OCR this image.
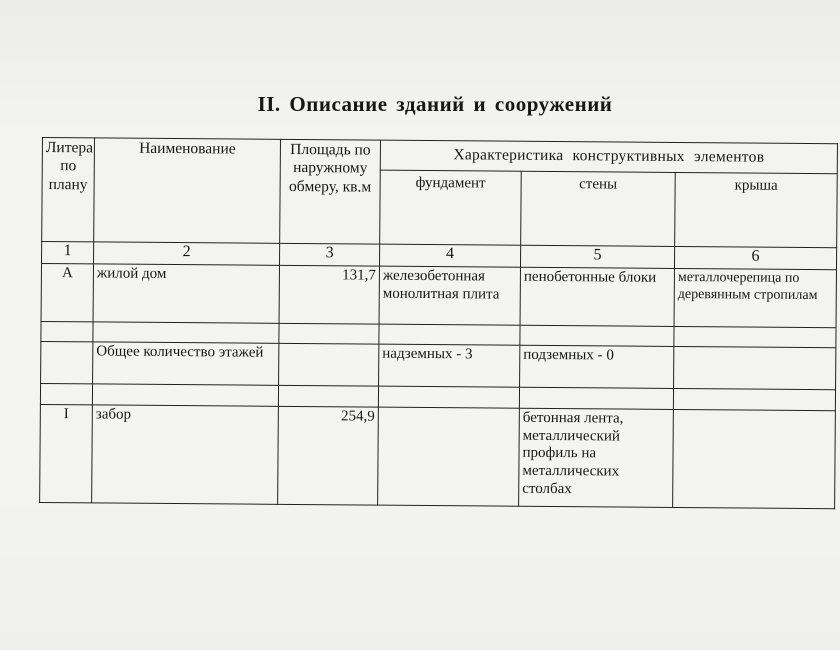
II. Описание зданий и сооружений
Литера по плану	Наименование	Площадь по наружному обмеру, кв.м	Характеристика конструктивных элементов		
			фундамент	стены	крыша
1	2	3	4	5	6
А	жилой дом	131,7	железобетонная монолитная плита	пенобетонные блоки	металлочерепица по деревянным стропилам

	Общее количество этажей		надземных - 3	подземных - 0	

I	забор	254,9		бетонная лента, металлический профиль на металлических столбах	
